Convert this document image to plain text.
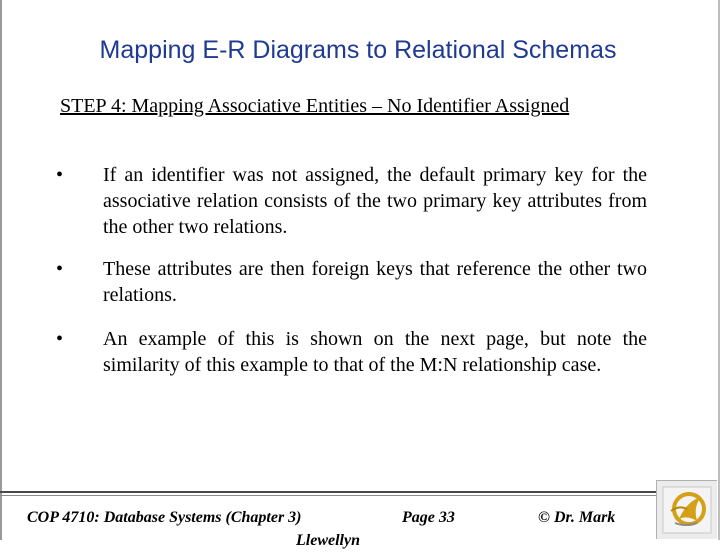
Mapping E-R Diagrams to Relational Schemas
STEP 4: Mapping Associative Entities – No Identifier Assigned
•	If an identifier was not assigned, the default primary key for the associative relation consists of the two primary key attributes from the other two relations.
•	These attributes are then foreign keys that reference the other two relations.
•	An example of this is shown on the next page, but note the similarity of this example to that of the M:N relationship case.
COP 4710: Database Systems (Chapter 3)	Page 33	© Dr. Mark
Llewellyn
